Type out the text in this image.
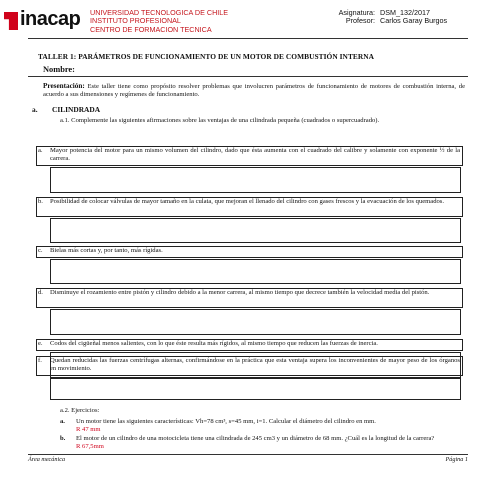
inacap UNIVERSIDAD TECNOLOGICA DE CHILE
INSTITUTO PROFESIONAL
CENTRO DE FORMACION TECNICA
Asignatura: DSM_132/2017
Profesor: Carlos Garay Burgos
TALLER 1: PARÁMETROS DE FUNCIONAMIENTO DE UN MOTOR DE COMBUSTIÓN INTERNA
Nombre:
Presentación: Este taller tiene como propósito resolver problemas que involucren parámetros de funcionamiento de motores de combustión interna, de acuerdo a sus dimensiones y regímenes de funcionamiento.
a. CILINDRADA
a.1. Complemente las siguientes afirmaciones sobre las ventajas de una cilindrada pequeña (cuadrados o supercuadrado).
a. Mayor potencia del motor para un mismo volumen del cilindro, dado que ésta aumenta con el cuadrado del calibre y solamente con exponente ½ de la carrera.
b. Posibilidad de colocar válvulas de mayor tamaño en la culata, que mejoran el llenado del cilindro con gases frescos y la evacuación de los quemados.
c. Bielas más cortas y, por tanto, más rígidas.
d. Disminuye el rozamiento entre pistón y cilindro debido a la menor carrera, al mismo tiempo que decrece también la velocidad media del pistón.
e. Codos del cigüeñal menos salientes, con lo que éste resulta más rígidos, al mismo tiempo que reducen las fuerzas de inercia.
f. Quedan reducidas las fuerzas centrífugas alternas, confirmándose en la práctica que esta ventaja supera los inconvenientes de mayor peso de los órganos en movimiento.
a.2. Ejercicios:
a. Un motor tiene las siguientes características: Vh=78 cm³, s=45 mm, i=1. Calcular el diámetro del cilindro en mm.
R 47 mm
b. El motor de un cilindro de una motocicleta tiene una cilindrada de 245 cm3 y un diámetro de 68 mm. ¿Cuál es la longitud de la carrera?
R 67,5mm
Área mecánica	Página 1
